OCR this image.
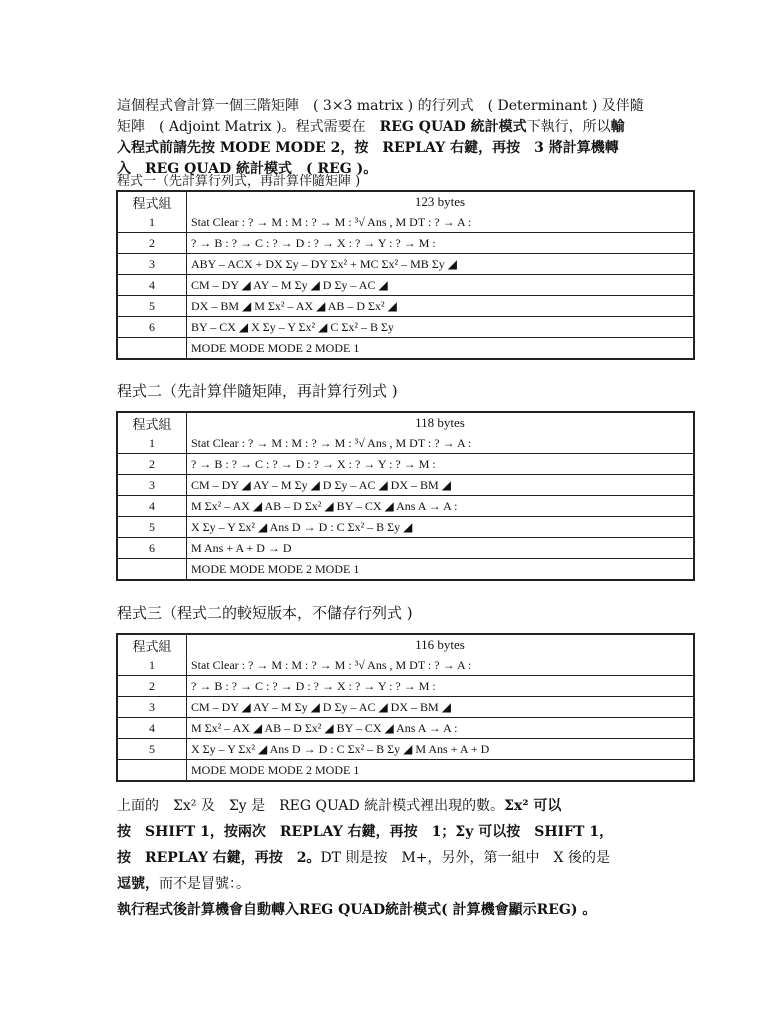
這個程式會計算一個三階矩陣　( 3×3 matrix ) 的行列式　( Determinant ) 及伴隨
矩陣　( Adjoint Matrix )。程式需要在　REG QUAD 統計模式下執行，所以輸
入程式前請先按 MODE MODE 2，按　REPLAY 右鍵，再按　3 將計算機轉
入　REG QUAD 統計模式　( REG )。
程式一（先計算行列式，再計算伴隨矩陣 )
程式組	123 bytes
1	Stat Clear : ? → M : M : ? → M : ³√ Ans , M DT : ? → A :
2	? → B : ? → C : ? → D : ? → X : ? → Y : ? → M :
3	ABY – ACX + DX Σy – DY Σx² + MC Σx² – MB Σy ◢
4	CM – DY ◢ AY – M Σy ◢ D Σy – AC ◢
5	DX – BM ◢ M Σx² – AX ◢ AB – D Σx² ◢
6	BY – CX ◢ X Σy – Y Σx² ◢ C Σx² – B Σy
	MODE MODE MODE 2 MODE 1
程式二（先計算伴隨矩陣，再計算行列式 )
程式組	118 bytes
1	Stat Clear : ? → M : M : ? → M : ³√ Ans , M DT : ? → A :
2	? → B : ? → C : ? → D : ? → X : ? → Y : ? → M :
3	CM – DY ◢ AY – M Σy ◢ D Σy – AC ◢ DX – BM ◢
4	M Σx² – AX ◢ AB – D Σx² ◢ BY – CX ◢ Ans A → A :
5	X Σy – Y Σx² ◢ Ans D → D : C Σx² – B Σy ◢
6	M Ans + A + D → D
	MODE MODE MODE 2 MODE 1
程式三（程式二的較短版本，不儲存行列式 )
程式組	116 bytes
1	Stat Clear : ? → M : M : ? → M : ³√ Ans , M DT : ? → A :
2	? → B : ? → C : ? → D : ? → X : ? → Y : ? → M :
3	CM – DY ◢ AY – M Σy ◢ D Σy – AC ◢ DX – BM ◢
4	M Σx² – AX ◢ AB – D Σx² ◢ BY – CX ◢ Ans A → A :
5	X Σy – Y Σx² ◢ Ans D → D : C Σx² – B Σy ◢ M Ans + A + D
	MODE MODE MODE 2 MODE 1
上面的　Σx² 及　Σy 是　REG QUAD 統計模式裡出現的數。Σx² 可以
按　SHIFT 1，按兩次　REPLAY 右鍵，再按　1；Σy 可以按　SHIFT 1，
按　REPLAY 右鍵，再按　2。DT 則是按　M+，另外，第一組中　X 後的是
逗號，而不是冒號：。
執行程式後計算機會自動轉入REG QUAD統計模式( 計算機會顯示REG) 。
